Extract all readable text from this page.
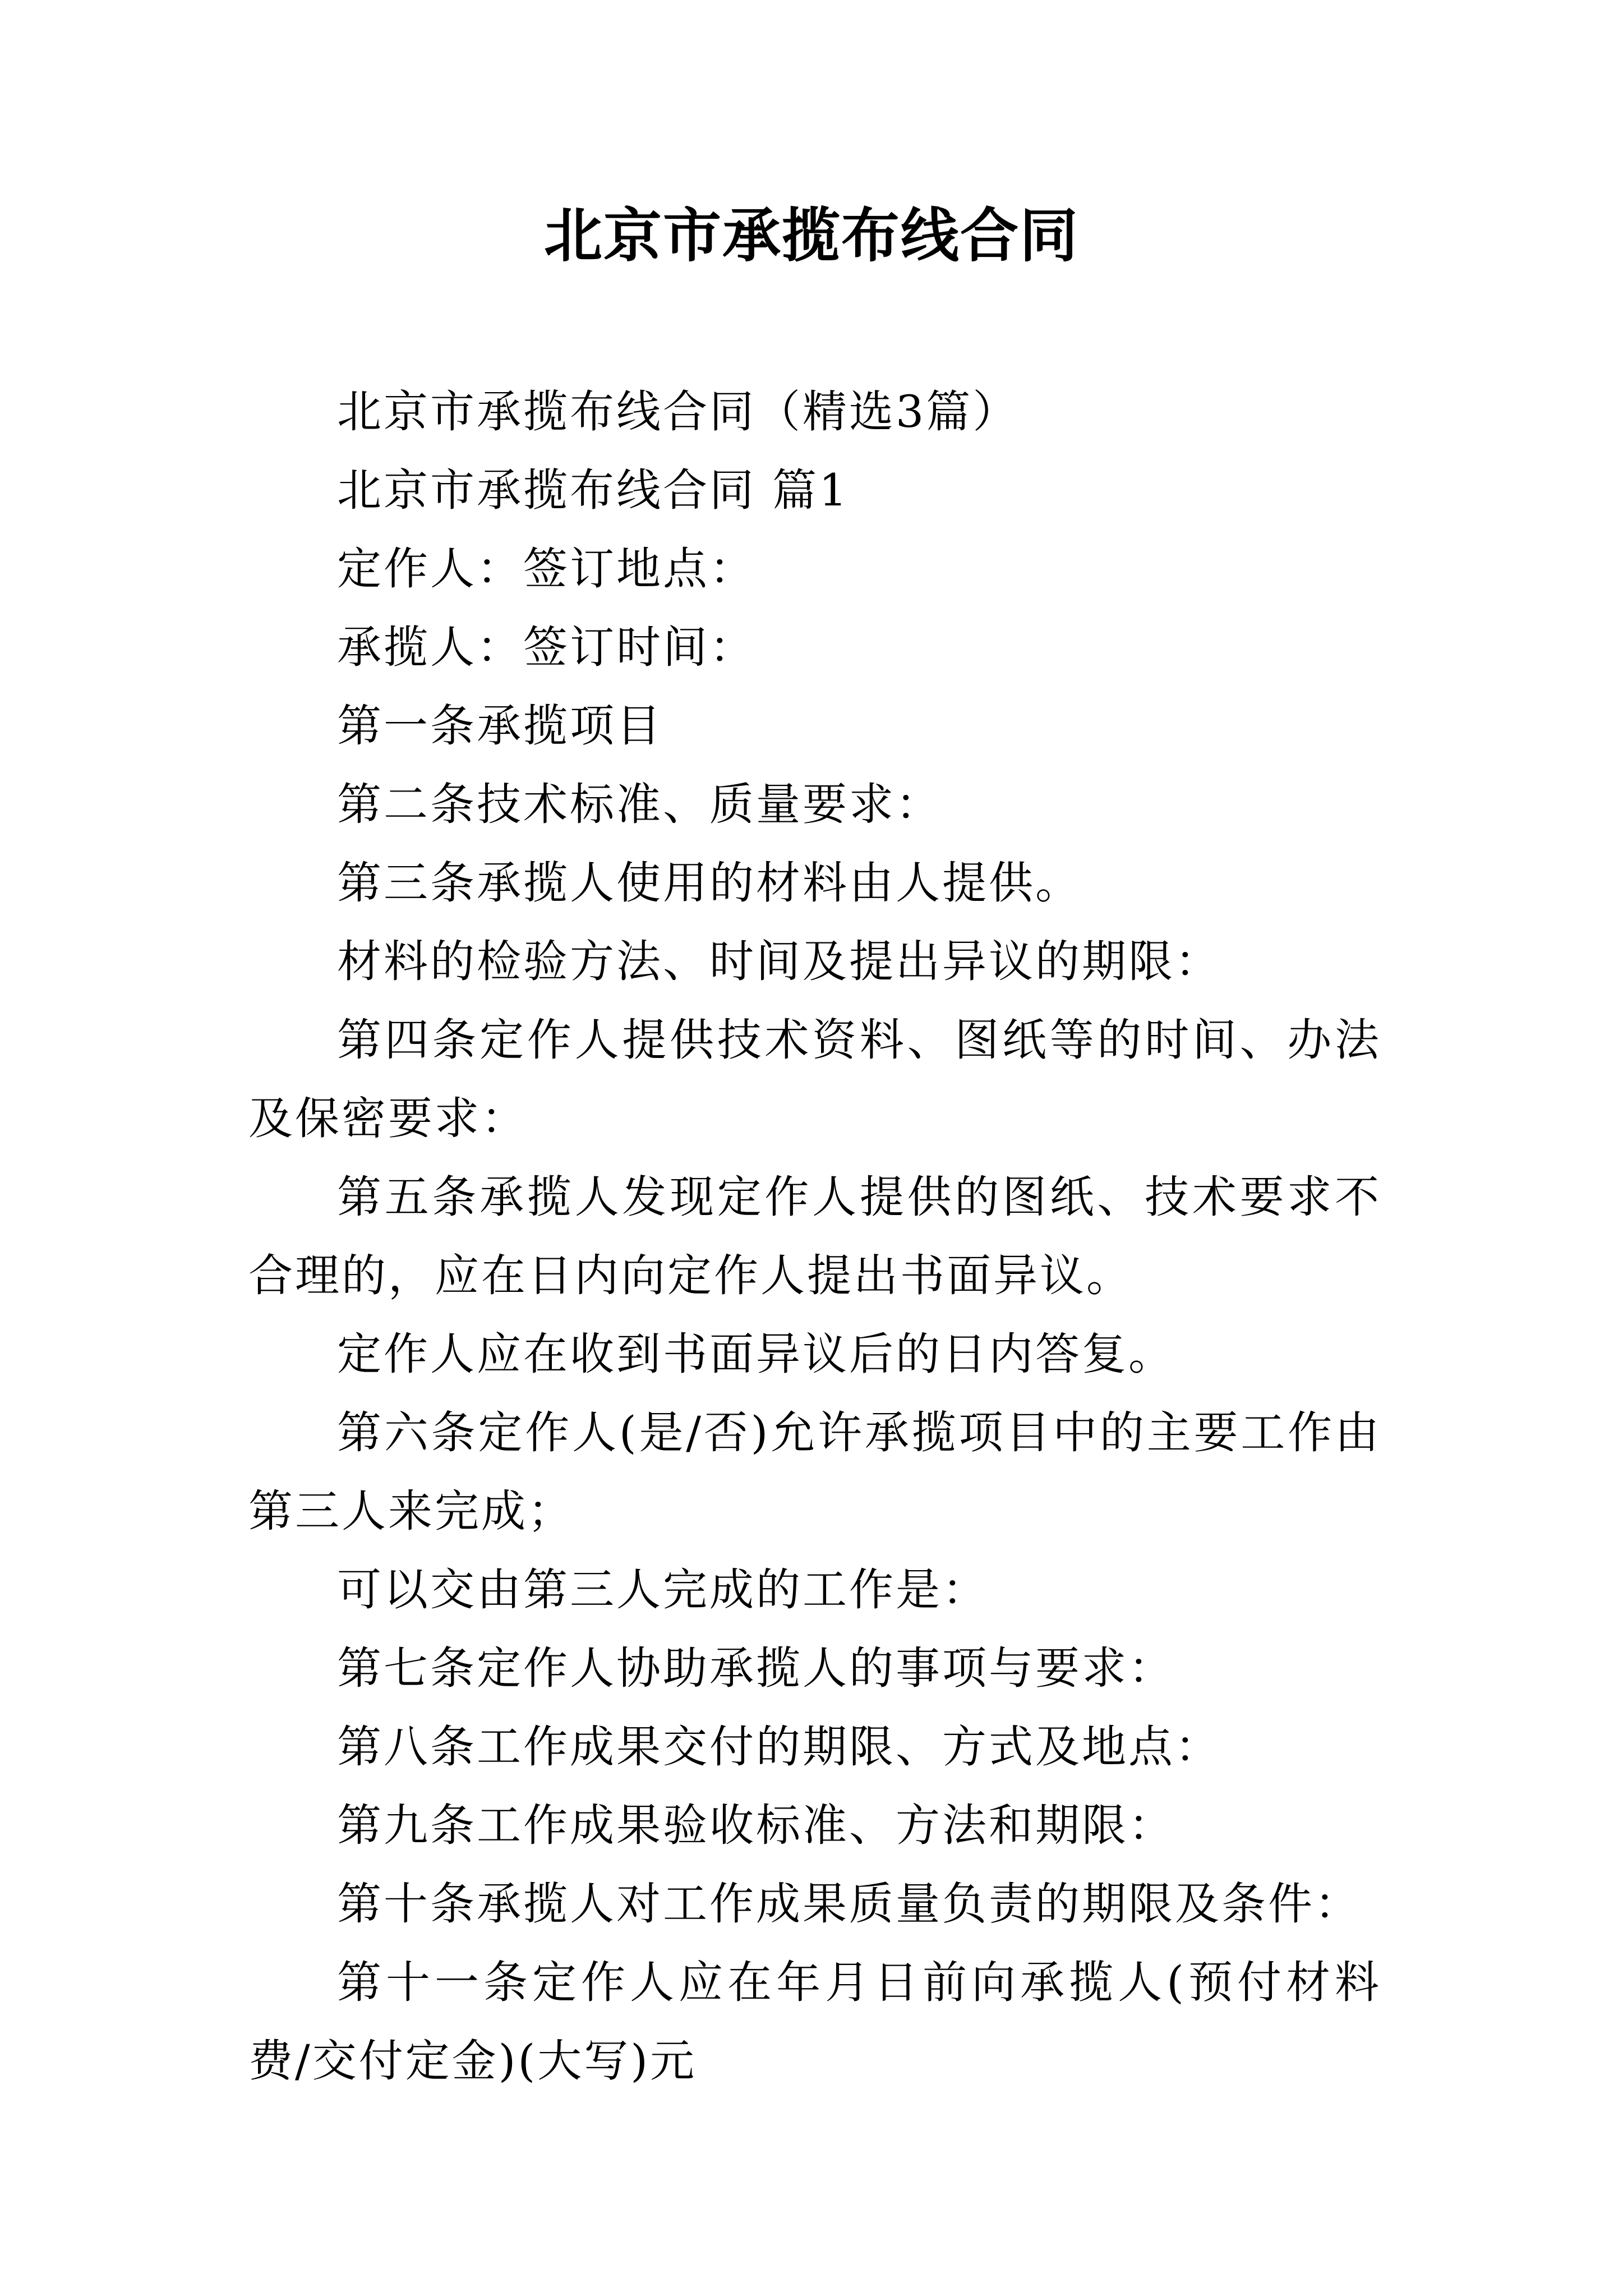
北京市承揽布线合同

北京市承揽布线合同（精选3篇）

北京市承揽布线合同 篇1

定作人：签订地点：

承揽人：签订时间：

第一条承揽项目

第二条技术标准、质量要求：

第三条承揽人使用的材料由人提供。

材料的检验方法、时间及提出异议的期限：

第四条定作人提供技术资料、图纸等的时间、办法及保密要求：

第五条承揽人发现定作人提供的图纸、技术要求不合理的，应在日内向定作人提出书面异议。

定作人应在收到书面异议后的日内答复。

第六条定作人(是/否)允许承揽项目中的主要工作由第三人来完成；

可以交由第三人完成的工作是：

第七条定作人协助承揽人的事项与要求：

第八条工作成果交付的期限、方式及地点：

第九条工作成果验收标准、方法和期限：

第十条承揽人对工作成果质量负责的期限及条件：

第十一条定作人应在年月日前向承揽人(预付材料费/交付定金)(大写)元
